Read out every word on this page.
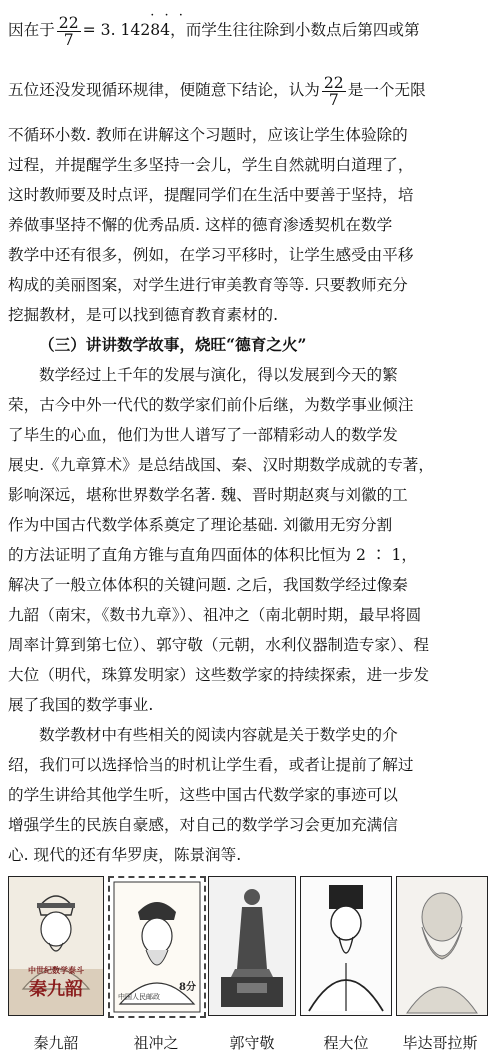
因在于 $\frac{22}{7} = 3$. 142
· · ·
84，而学生往往除到小数点后第四或第
五位还没发现循环规律，便随意下结论，认为 $\frac{22}{7}$ 是一个无限
不循环小数. 教师在讲解这个习题时，应该让学生体验除的
过程，并提醒学生多坚持一会儿，学生自然就明白道理了，
这时教师要及时点评，提醒同学们在生活中要善于坚持，培
养做事坚持不懈的优秀品质. 这样的德育渗透契机在数学
教学中还有很多，例如，在学习平移时，让学生感受由平移
构成的美丽图案，对学生进行审美教育等等. 只要教师充分
挖掘教材，是可以找到德育教育素材的.
（三）讲讲数学故事，烧旺“德育之火”
数学经过上千年的发展与演化，得以发展到今天的繁
荣，古今中外一代代的数学家们前仆后继，为数学事业倾注
了毕生的心血，他们为世人谱写了一部精彩动人的数学发
展史.《九章算术》是总结战国、秦、汉时期数学成就的专著，
影响深远，堪称世界数学名著. 魏、晋时期赵爽与刘徽的工
作为中国古代数学体系奠定了理论基础. 刘徽用无穷分割
的方法证明了直角方锥与直角四面体的体积比恒为 2 ∶ 1，
解决了一般立体体积的关键问题. 之后，我国数学经过像秦
九韶（南宋，《数书九章》）、祖冲之（南北朝时期，最早将圆
周率计算到第七位）、郭守敬（元朝，水利仪器制造专家）、程
大位（明代，珠算发明家）这些数学家的持续探索，进一步发
展了我国的数学事业.
数学教材中有些相关的阅读内容就是关于数学史的介
绍，我们可以选择恰当的时机让学生看，或者让提前了解过
的学生讲给其他学生听，这些中国古代数学家的事迹可以
增强学生的民族自豪感，对自己的数学学习会更加充满信
心. 现代的还有华罗庚，陈景润等.
中世纪数学泰斗
秦九韶	中国人民邮政
8分
秦九韶	祖冲之	郭守敬	程大位	毕达哥拉斯
